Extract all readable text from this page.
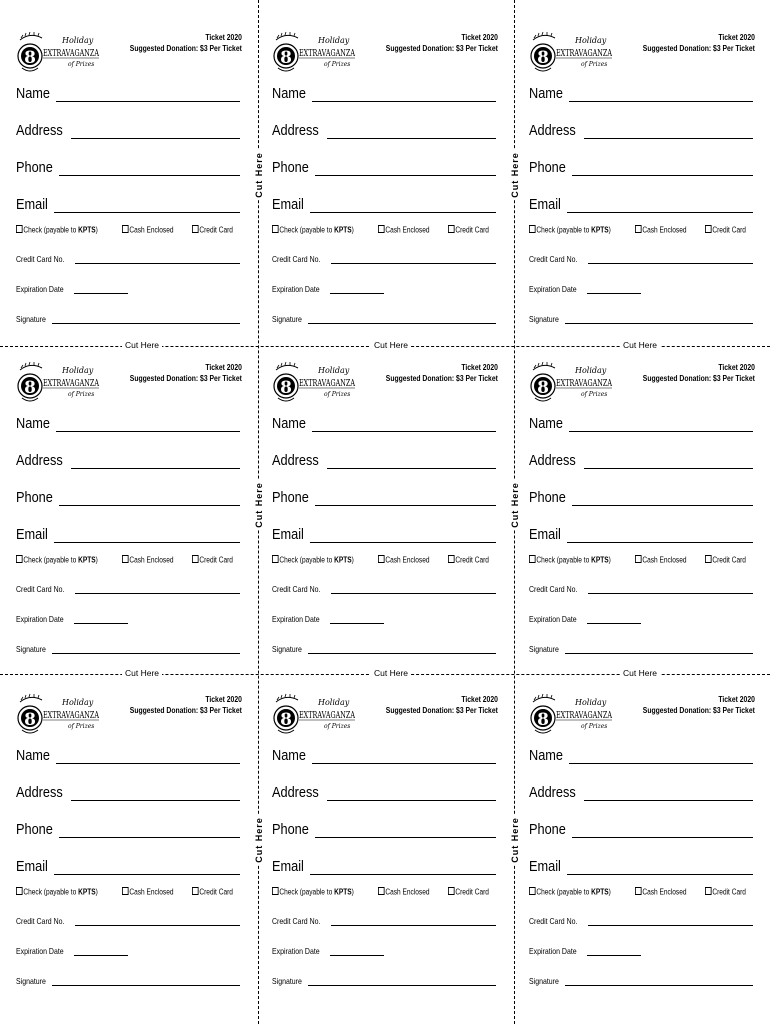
8
Holiday
EXTRAVAGANZA
of Prizes
Ticket 2020
Suggested Donation: $3 Per Ticket
Name
Address
Phone
Email
Check (payable to KPTS)	Cash Enclosed	Credit Card
Credit Card No.
Expiration Date
Signature
8
Holiday
EXTRAVAGANZA
of Prizes
Ticket 2020
Suggested Donation: $3 Per Ticket
Name
Address
Phone
Email
Check (payable to KPTS)	Cash Enclosed	Credit Card
Credit Card No.
Expiration Date
Signature
8
Holiday
EXTRAVAGANZA
of Prizes
Ticket 2020
Suggested Donation: $3 Per Ticket
Name
Address
Phone
Email
Check (payable to KPTS)	Cash Enclosed	Credit Card
Credit Card No.
Expiration Date
Signature
8
Holiday
EXTRAVAGANZA
of Prizes
Ticket 2020
Suggested Donation: $3 Per Ticket
Name
Address
Phone
Email
Check (payable to KPTS)	Cash Enclosed	Credit Card
Credit Card No.
Expiration Date
Signature
8
Holiday
EXTRAVAGANZA
of Prizes
Ticket 2020
Suggested Donation: $3 Per Ticket
Name
Address
Phone
Email
Check (payable to KPTS)	Cash Enclosed	Credit Card
Credit Card No.
Expiration Date
Signature
8
Holiday
EXTRAVAGANZA
of Prizes
Ticket 2020
Suggested Donation: $3 Per Ticket
Name
Address
Phone
Email
Check (payable to KPTS)	Cash Enclosed	Credit Card
Credit Card No.
Expiration Date
Signature
8
Holiday
EXTRAVAGANZA
of Prizes
Ticket 2020
Suggested Donation: $3 Per Ticket
Name
Address
Phone
Email
Check (payable to KPTS)	Cash Enclosed	Credit Card
Credit Card No.
Expiration Date
Signature
8
Holiday
EXTRAVAGANZA
of Prizes
Ticket 2020
Suggested Donation: $3 Per Ticket
Name
Address
Phone
Email
Check (payable to KPTS)	Cash Enclosed	Credit Card
Credit Card No.
Expiration Date
Signature
8
Holiday
EXTRAVAGANZA
of Prizes
Ticket 2020
Suggested Donation: $3 Per Ticket
Name
Address
Phone
Email
Check (payable to KPTS)	Cash Enclosed	Credit Card
Credit Card No.
Expiration Date
Signature
Cut Here
Cut Here
Cut Here
Cut Here
Cut Here
Cut Here
Cut Here	Cut Here	Cut Here
Cut Here	Cut Here	Cut Here
